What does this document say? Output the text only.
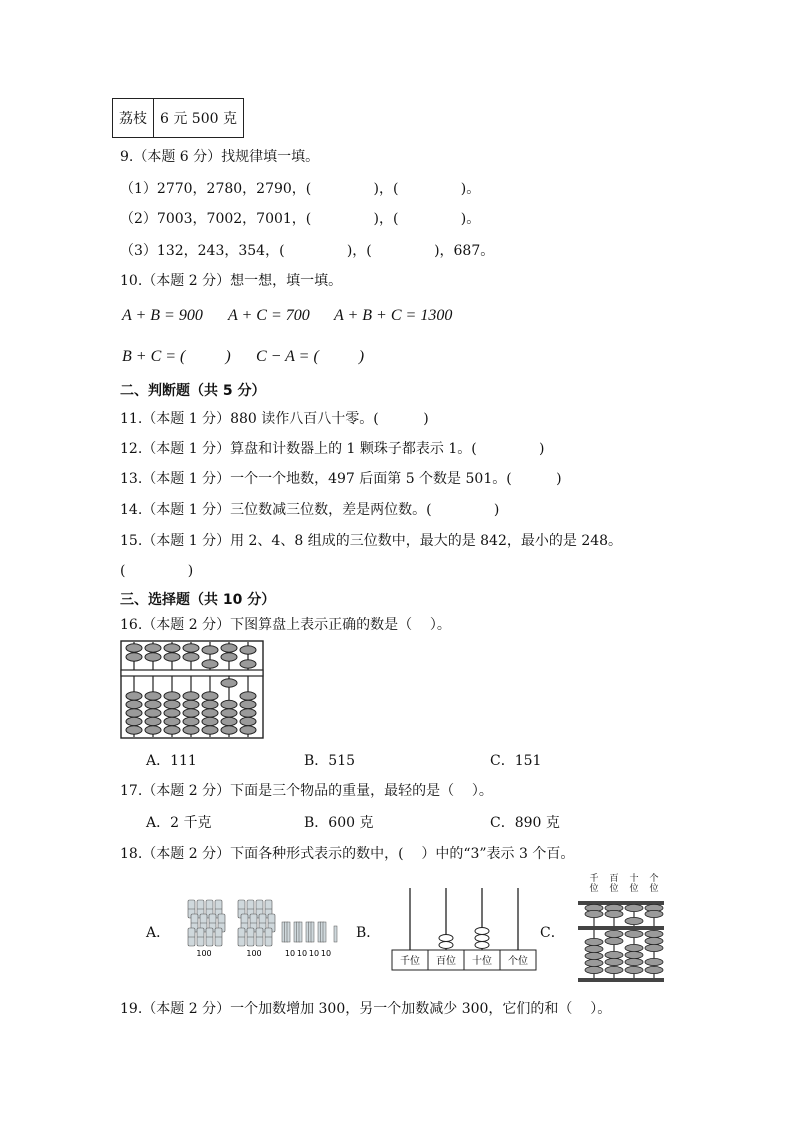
荔枝	6 元 500 克
9.（本题 6 分）找规律填一填。
（1）2770，2780，2790，(              )，(              )。
（2）7003，7002，7001，(              )，(              )。
（3）132，243，354，(              )，(              )，687。
10.（本题 2 分）想一想，填一填。
A + B = 900 A + C = 700 A + B + C = 1300
B + C = (          ) C − A = (          )
二、判断题（共 5 分）
11.（本题 1 分）880 读作八百八十零。(          )
12.（本题 1 分）算盘和计数器上的 1 颗珠子都表示 1。(              )
13.（本题 1 分）一个一个地数，497 后面第 5 个数是 501。(          )
14.（本题 1 分）三位数减三位数，差是两位数。(              )
15.（本题 1 分）用 2、4、8 组成的三位数中，最大的是 842，最小的是 248。
(              )
三、选择题（共 10 分）
16.（本题 2 分）下图算盘上表示正确的数是（    ）。
A．111	B．515	C．151
17.（本题 2 分）下面是三个物品的重量，最轻的是（    ）。
A．2 千克	B．600 克	C．890 克
18.（本题 2 分）下面各种形式表示的数中，(    ）中的“3”表示 3 个百。
A．
100	100	10 10 10 10
B．
千位 百位 十位 个位
C．
千
位
百
位
十
位
个
位
19.（本题 2 分）一个加数增加 300，另一个加数减少 300，它们的和（    ）。
